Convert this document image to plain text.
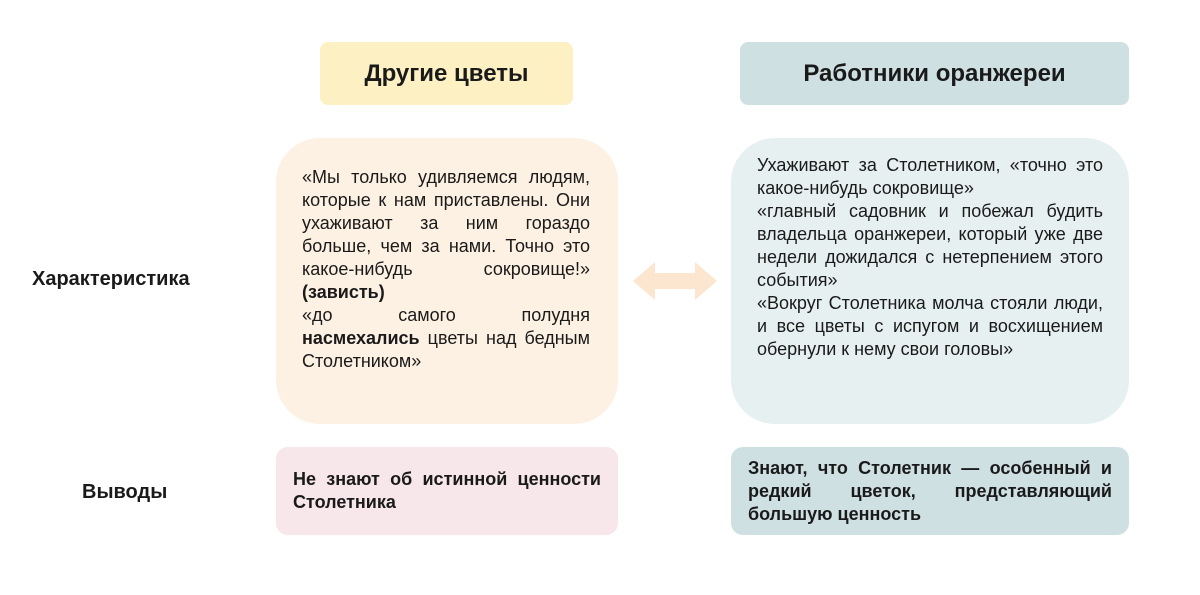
Другие цветы	Работники оранжереи
Характеристика
Выводы

«Мы только удивляемся людям, которые к нам приставлены. Они ухаживают за ним гораздо больше, чем за нами. Точно это какое-нибудь сокровище!» (зависть)

«до самого полудня насмехались цветы над бедным Столетником»

Ухаживают за Столетником, «точно это какое-нибудь сокровище»

«главный садовник и побежал будить владельца оранжереи, который уже две недели дожидался с нетерпением этого события»

«Вокруг Столетника молча стояли люди, и все цветы с испугом и восхищением обернули к нему свои головы»

Не знают об истинной ценности Столетника
Знают, что Столетник — особенный и редкий цветок, представляющий большую ценность
